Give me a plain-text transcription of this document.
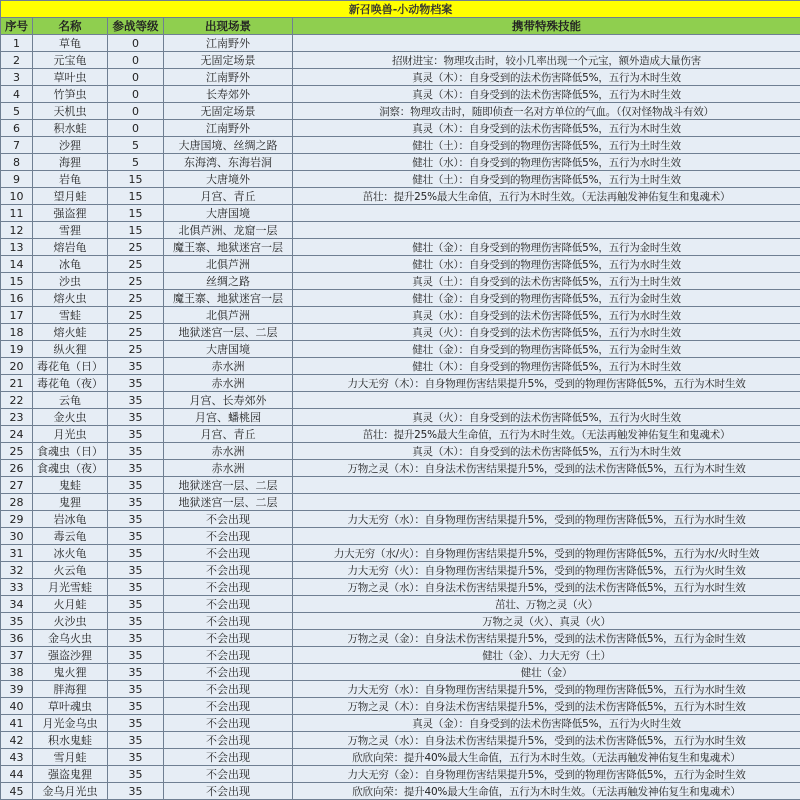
新召唤兽-小动物档案				
序号	名称	参战等级	出现场景	携带特殊技能
1	草龟	0	江南野外	
2	元宝龟	0	无固定场景	招财进宝：物理攻击时，较小几率出现一个元宝，额外造成大量伤害
3	草叶虫	0	江南野外	真灵（木）：自身受到的法术伤害降低5%，五行为木时生效
4	竹笋虫	0	长寿郊外	真灵（木）：自身受到的法术伤害降低5%，五行为木时生效
5	天机虫	0	无固定场景	洞察：物理攻击时，随即侦查一名对方单位的气血。（仅对怪物战斗有效）
6	积水蛙	0	江南野外	真灵（木）：自身受到的法术伤害降低5%，五行为木时生效
7	沙狸	5	大唐国境、丝绸之路	健壮（土）：自身受到的物理伤害降低5%，五行为土时生效
8	海狸	5	东海湾、东海岩洞	健壮（水）：自身受到的物理伤害降低5%，五行为水时生效
9	岩龟	15	大唐境外	健壮（土）：自身受到的物理伤害降低5%，五行为土时生效
10	望月蛙	15	月宫、青丘	茁壮：提升25%最大生命值，五行为木时生效。（无法再触发神佑复生和鬼魂术）
11	强盗狸	15	大唐国境	
12	雪狸	15	北俱芦洲、龙窟一层	
13	熔岩龟	25	魔王寨、地狱迷宫一层	健壮（金）：自身受到的物理伤害降低5%，五行为金时生效
14	冰龟	25	北俱芦洲	健壮（水）：自身受到的物理伤害降低5%，五行为水时生效
15	沙虫	25	丝绸之路	真灵（土）：自身受到的法术伤害降低5%，五行为土时生效
16	熔火虫	25	魔王寨、地狱迷宫一层	健壮（金）：自身受到的物理伤害降低5%，五行为金时生效
17	雪蛙	25	北俱芦洲	真灵（水）：自身受到的法术伤害降低5%，五行为水时生效
18	熔火蛙	25	地狱迷宫一层、二层	真灵（火）：自身受到的法术伤害降低5%，五行为水时生效
19	纵火狸	25	大唐国境	健壮（金）：自身受到的物理伤害降低5%，五行为金时生效
20	毒花龟（日）	35	赤水洲	健壮（木）：自身受到的物理伤害降低5%，五行为木时生效
21	毒花龟（夜）	35	赤水洲	力大无穷（木）：自身物理伤害结果提升5%，受到的物理伤害降低5%，五行为木时生效
22	云龟	35	月宫、长寿郊外	
23	金火虫	35	月宫、蟠桃园	真灵（火）：自身受到的法术伤害降低5%，五行为火时生效
24	月光虫	35	月宫、青丘	茁壮：提升25%最大生命值，五行为木时生效。（无法再触发神佑复生和鬼魂术）
25	食魂虫（日）	35	赤水洲	真灵（木）：自身受到的法术伤害降低5%，五行为木时生效
26	食魂虫（夜）	35	赤水洲	万物之灵（木）：自身法术伤害结果提升5%，受到的法术伤害降低5%，五行为木时生效
27	鬼蛙	35	地狱迷宫一层、二层	
28	鬼狸	35	地狱迷宫一层、二层	
29	岩冰龟	35	不会出现	力大无穷（水）：自身物理伤害结果提升5%，受到的物理伤害降低5%，五行为水时生效
30	毒云龟	35	不会出现	
31	冰火龟	35	不会出现	力大无穷（水/火）：自身物理伤害结果提升5%，受到的物理伤害降低5%，五行为水/火时生效
32	火云龟	35	不会出现	力大无穷（火）：自身物理伤害结果提升5%，受到的物理伤害降低5%，五行为火时生效
33	月光雪蛙	35	不会出现	万物之灵（水）：自身法术伤害结果提升5%，受到的法术伤害降低5%，五行为水时生效
34	火月蛙	35	不会出现	茁壮、万物之灵（火）
35	火沙虫	35	不会出现	万物之灵（火）、真灵（火）
36	金乌火虫	35	不会出现	万物之灵（金）：自身法术伤害结果提升5%，受到的法术伤害降低5%，五行为金时生效
37	强盗沙狸	35	不会出现	健壮（金）、力大无穷（土）
38	鬼火狸	35	不会出现	健壮（金）
39	胖海狸	35	不会出现	力大无穷（水）：自身物理伤害结果提升5%，受到的物理伤害降低5%，五行为水时生效
40	草叶魂虫	35	不会出现	万物之灵（木）：自身法术伤害结果提升5%，受到的法术伤害降低5%，五行为木时生效
41	月光金乌虫	35	不会出现	真灵（金）：自身受到的法术伤害降低5%，五行为火时生效
42	积水鬼蛙	35	不会出现	万物之灵（水）：自身法术伤害结果提升5%，受到的法术伤害降低5%，五行为水时生效
43	雪月蛙	35	不会出现	欣欣向荣：提升40%最大生命值，五行为木时生效。（无法再触发神佑复生和鬼魂术）
44	强盗鬼狸	35	不会出现	力大无穷（金）：自身物理伤害结果提升5%，受到的物理伤害降低5%，五行为金时生效
45	金乌月光虫	35	不会出现	欣欣向荣：提升40%最大生命值，五行为木时生效。（无法再触发神佑复生和鬼魂术）
